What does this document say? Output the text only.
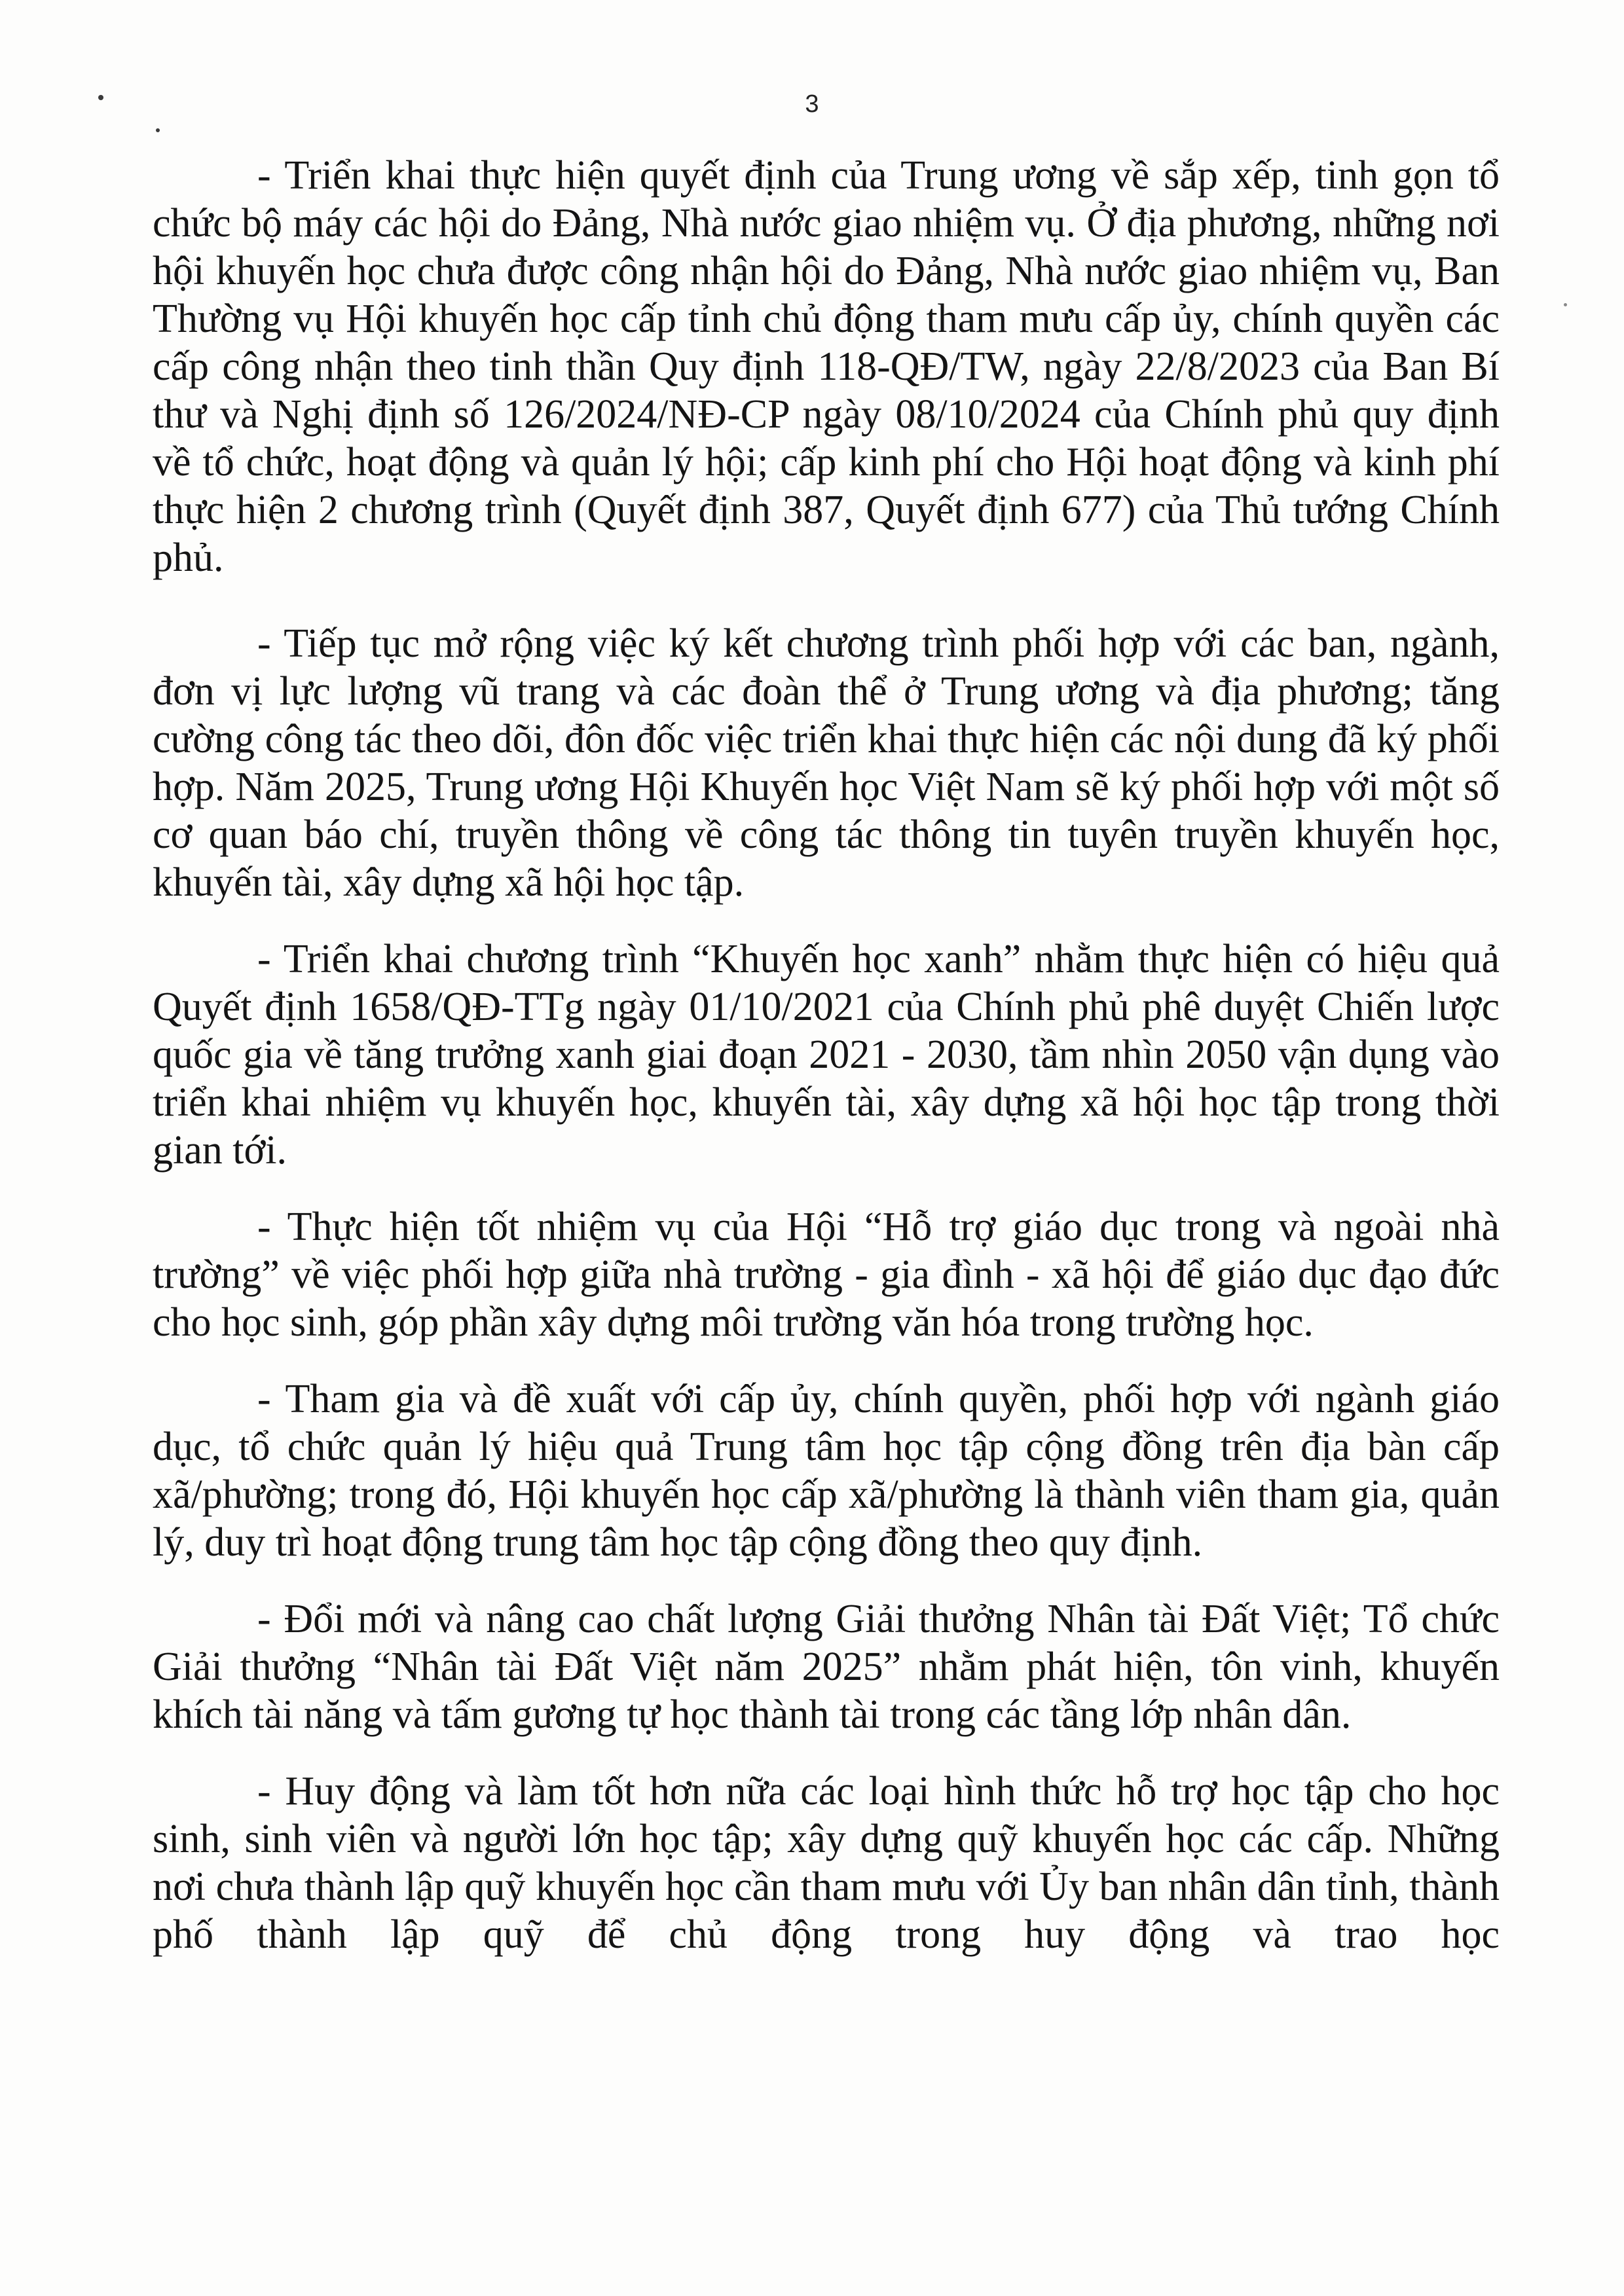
3

- Triển khai thực hiện quyết định của Trung ương về sắp xếp, tinh gọn tổ chức bộ máy các hội do Đảng, Nhà nước giao nhiệm vụ. Ở địa phương, những nơi hội khuyến học chưa được công nhận hội do Đảng, Nhà nước giao nhiệm vụ, Ban Thường vụ Hội khuyến học cấp tỉnh chủ động tham mưu cấp ủy, chính quyền các cấp công nhận theo tinh thần Quy định 118-QĐ/TW, ngày 22/8/2023 của Ban Bí thư và Nghị định số 126/2024/NĐ-CP ngày 08/10/2024 của Chính phủ quy định về tổ chức, hoạt động và quản lý hội; cấp kinh phí cho Hội hoạt động và kinh phí thực hiện 2 chương trình (Quyết định 387, Quyết định 677) của Thủ tướng Chính phủ.

- Tiếp tục mở rộng việc ký kết chương trình phối hợp với các ban, ngành, đơn vị lực lượng vũ trang và các đoàn thể ở Trung ương và địa phương; tăng cường công tác theo dõi, đôn đốc việc triển khai thực hiện các nội dung đã ký phối hợp. Năm 2025, Trung ương Hội Khuyến học Việt Nam sẽ ký phối hợp với một số cơ quan báo chí, truyền thông về công tác thông tin tuyên truyền khuyến học, khuyến tài, xây dựng xã hội học tập.

- Triển khai chương trình “Khuyến học xanh” nhằm thực hiện có hiệu quả Quyết định 1658/QĐ-TTg ngày 01/10/2021 của Chính phủ phê duyệt Chiến lược quốc gia về tăng trưởng xanh giai đoạn 2021 - 2030, tầm nhìn 2050 vận dụng vào triển khai nhiệm vụ khuyến học, khuyến tài, xây dựng xã hội học tập trong thời gian tới.

- Thực hiện tốt nhiệm vụ của Hội “Hỗ trợ giáo dục trong và ngoài nhà trường” về việc phối hợp giữa nhà trường - gia đình - xã hội để giáo dục đạo đức cho học sinh, góp phần xây dựng môi trường văn hóa trong trường học.

- Tham gia và đề xuất với cấp ủy, chính quyền, phối hợp với ngành giáo dục, tổ chức quản lý hiệu quả Trung tâm học tập cộng đồng trên địa bàn cấp xã/phường; trong đó, Hội khuyến học cấp xã/phường là thành viên tham gia, quản lý, duy trì hoạt động trung tâm học tập cộng đồng theo quy định.

- Đổi mới và nâng cao chất lượng Giải thưởng Nhân tài Đất Việt; Tổ chức Giải thưởng “Nhân tài Đất Việt năm 2025” nhằm phát hiện, tôn vinh, khuyến khích tài năng và tấm gương tự học thành tài trong các tầng lớp nhân dân.

- Huy động và làm tốt hơn nữa các loại hình thức hỗ trợ học tập cho học sinh, sinh viên và người lớn học tập; xây dựng quỹ khuyến học các cấp. Những nơi chưa thành lập quỹ khuyến học cần tham mưu với Ủy ban nhân dân tỉnh, thành phố thành lập quỹ để chủ động trong huy động và trao học
